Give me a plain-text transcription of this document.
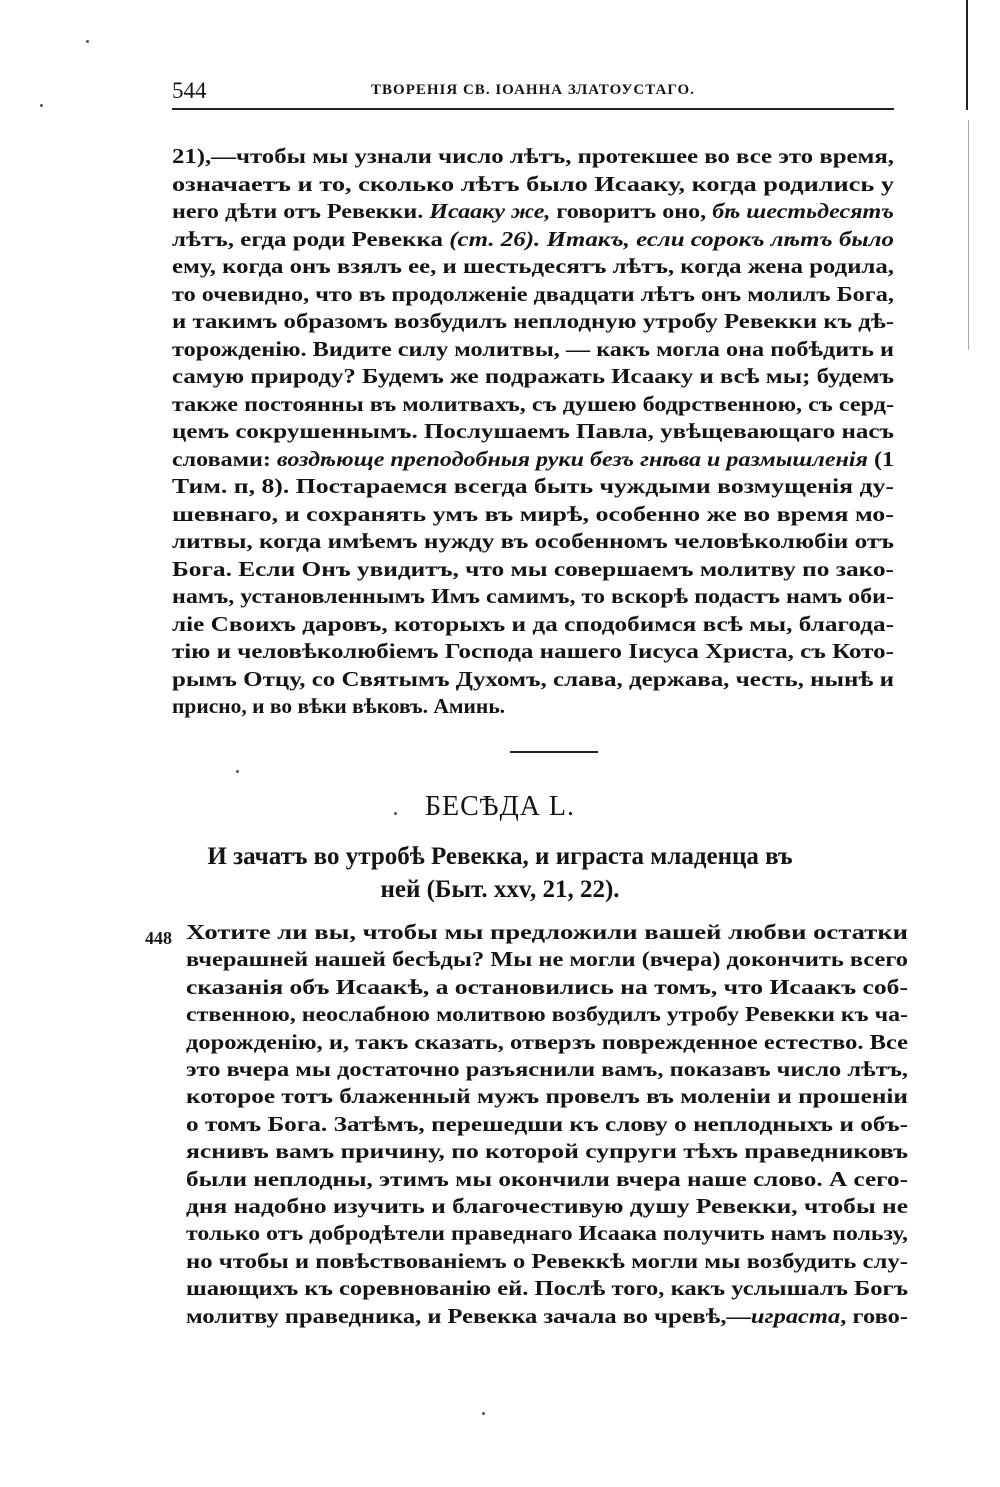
544	ТВОРЕНІЯ СВ. ІОАННА ЗЛАТОУСТАГО.
21),—чтобы мы узнали число лѣтъ, протекшее во все это время,
означаетъ и то, сколько лѣтъ было Исааку, когда родились у
него дѣти отъ Ревекки. Исааку же, говоритъ оно, бѣ шестьдесятъ
лѣтъ, егда роди Ревекка (ст. 26). Итакъ, если сорокъ лѣтъ было
ему, когда онъ взялъ ее, и шестьдесятъ лѣтъ, когда жена родила,
то очевидно, что въ продолженіе двадцати лѣтъ онъ молилъ Бога,
и такимъ образомъ возбудилъ неплодную утробу Ревекки къ дѣ-
торожденію. Видите силу молитвы, — какъ могла она побѣдить и
самую природу? Будемъ же подражать Исааку и всѣ мы; будемъ
также постоянны въ молитвахъ, съ душею бодрственною, съ серд-
цемъ сокрушеннымъ. Послушаемъ Павла, увѣщевающаго насъ
словами: воздѣюще преподобныя руки безъ гнѣва и размышленія (1
Тим. п, 8). Постараемся всегда быть чуждыми возмущенія ду-
шевнаго, и сохранять умъ въ мирѣ, особенно же во время мо-
литвы, когда имѣемъ нужду въ особенномъ человѣколюбіи отъ
Бога. Если Онъ увидитъ, что мы совершаемъ молитву по зако-
намъ, установленнымъ Имъ самимъ, то вскорѣ подастъ намъ оби-
ліе Своихъ даровъ, которыхъ и да сподобимся всѣ мы, благода-
тію и человѣколюбіемъ Господа нашего Іисуса Христа, съ Кото-
рымъ Отцу, со Святымъ Духомъ, слава, держава, честь, нынѣ и
присно, и во вѣки вѣковъ. Аминь.
БЕСѢДА L.
И зачатъ во утробѣ Ревекка, и играста младенца въ
ней (Быт. xxv, 21, 22).
448 Хотите ли вы, чтобы мы предложили вашей любви остатки
вчерашней нашей бесѣды? Мы не могли (вчера) докончить всего
сказанія объ Исаакѣ, а остановились на томъ, что Исаакъ соб-
ственною, неослабною молитвою возбудилъ утробу Ревекки къ ча-
дорожденію, и, такъ сказать, отверзъ поврежденное естество. Все
это вчера мы достаточно разъяснили вамъ, показавъ число лѣтъ,
которое тотъ блаженный мужъ провелъ въ моленіи и прошеніи
о томъ Бога. Затѣмъ, перешедши къ слову о неплодныхъ и объ-
яснивъ вамъ причину, по которой супруги тѣхъ праведниковъ
были неплодны, этимъ мы окончили вчера наше слово. А сего-
дня надобно изучить и благочестивую душу Ревекки, чтобы не
только отъ добродѣтели праведнаго Исаака получить намъ пользу,
но чтобы и повѣствованіемъ о Ревеккѣ могли мы возбудить слу-
шающихъ къ соревнованію ей. Послѣ того, какъ услышалъ Богъ
молитву праведника, и Ревекка зачала во чревѣ,—играста, гово-
